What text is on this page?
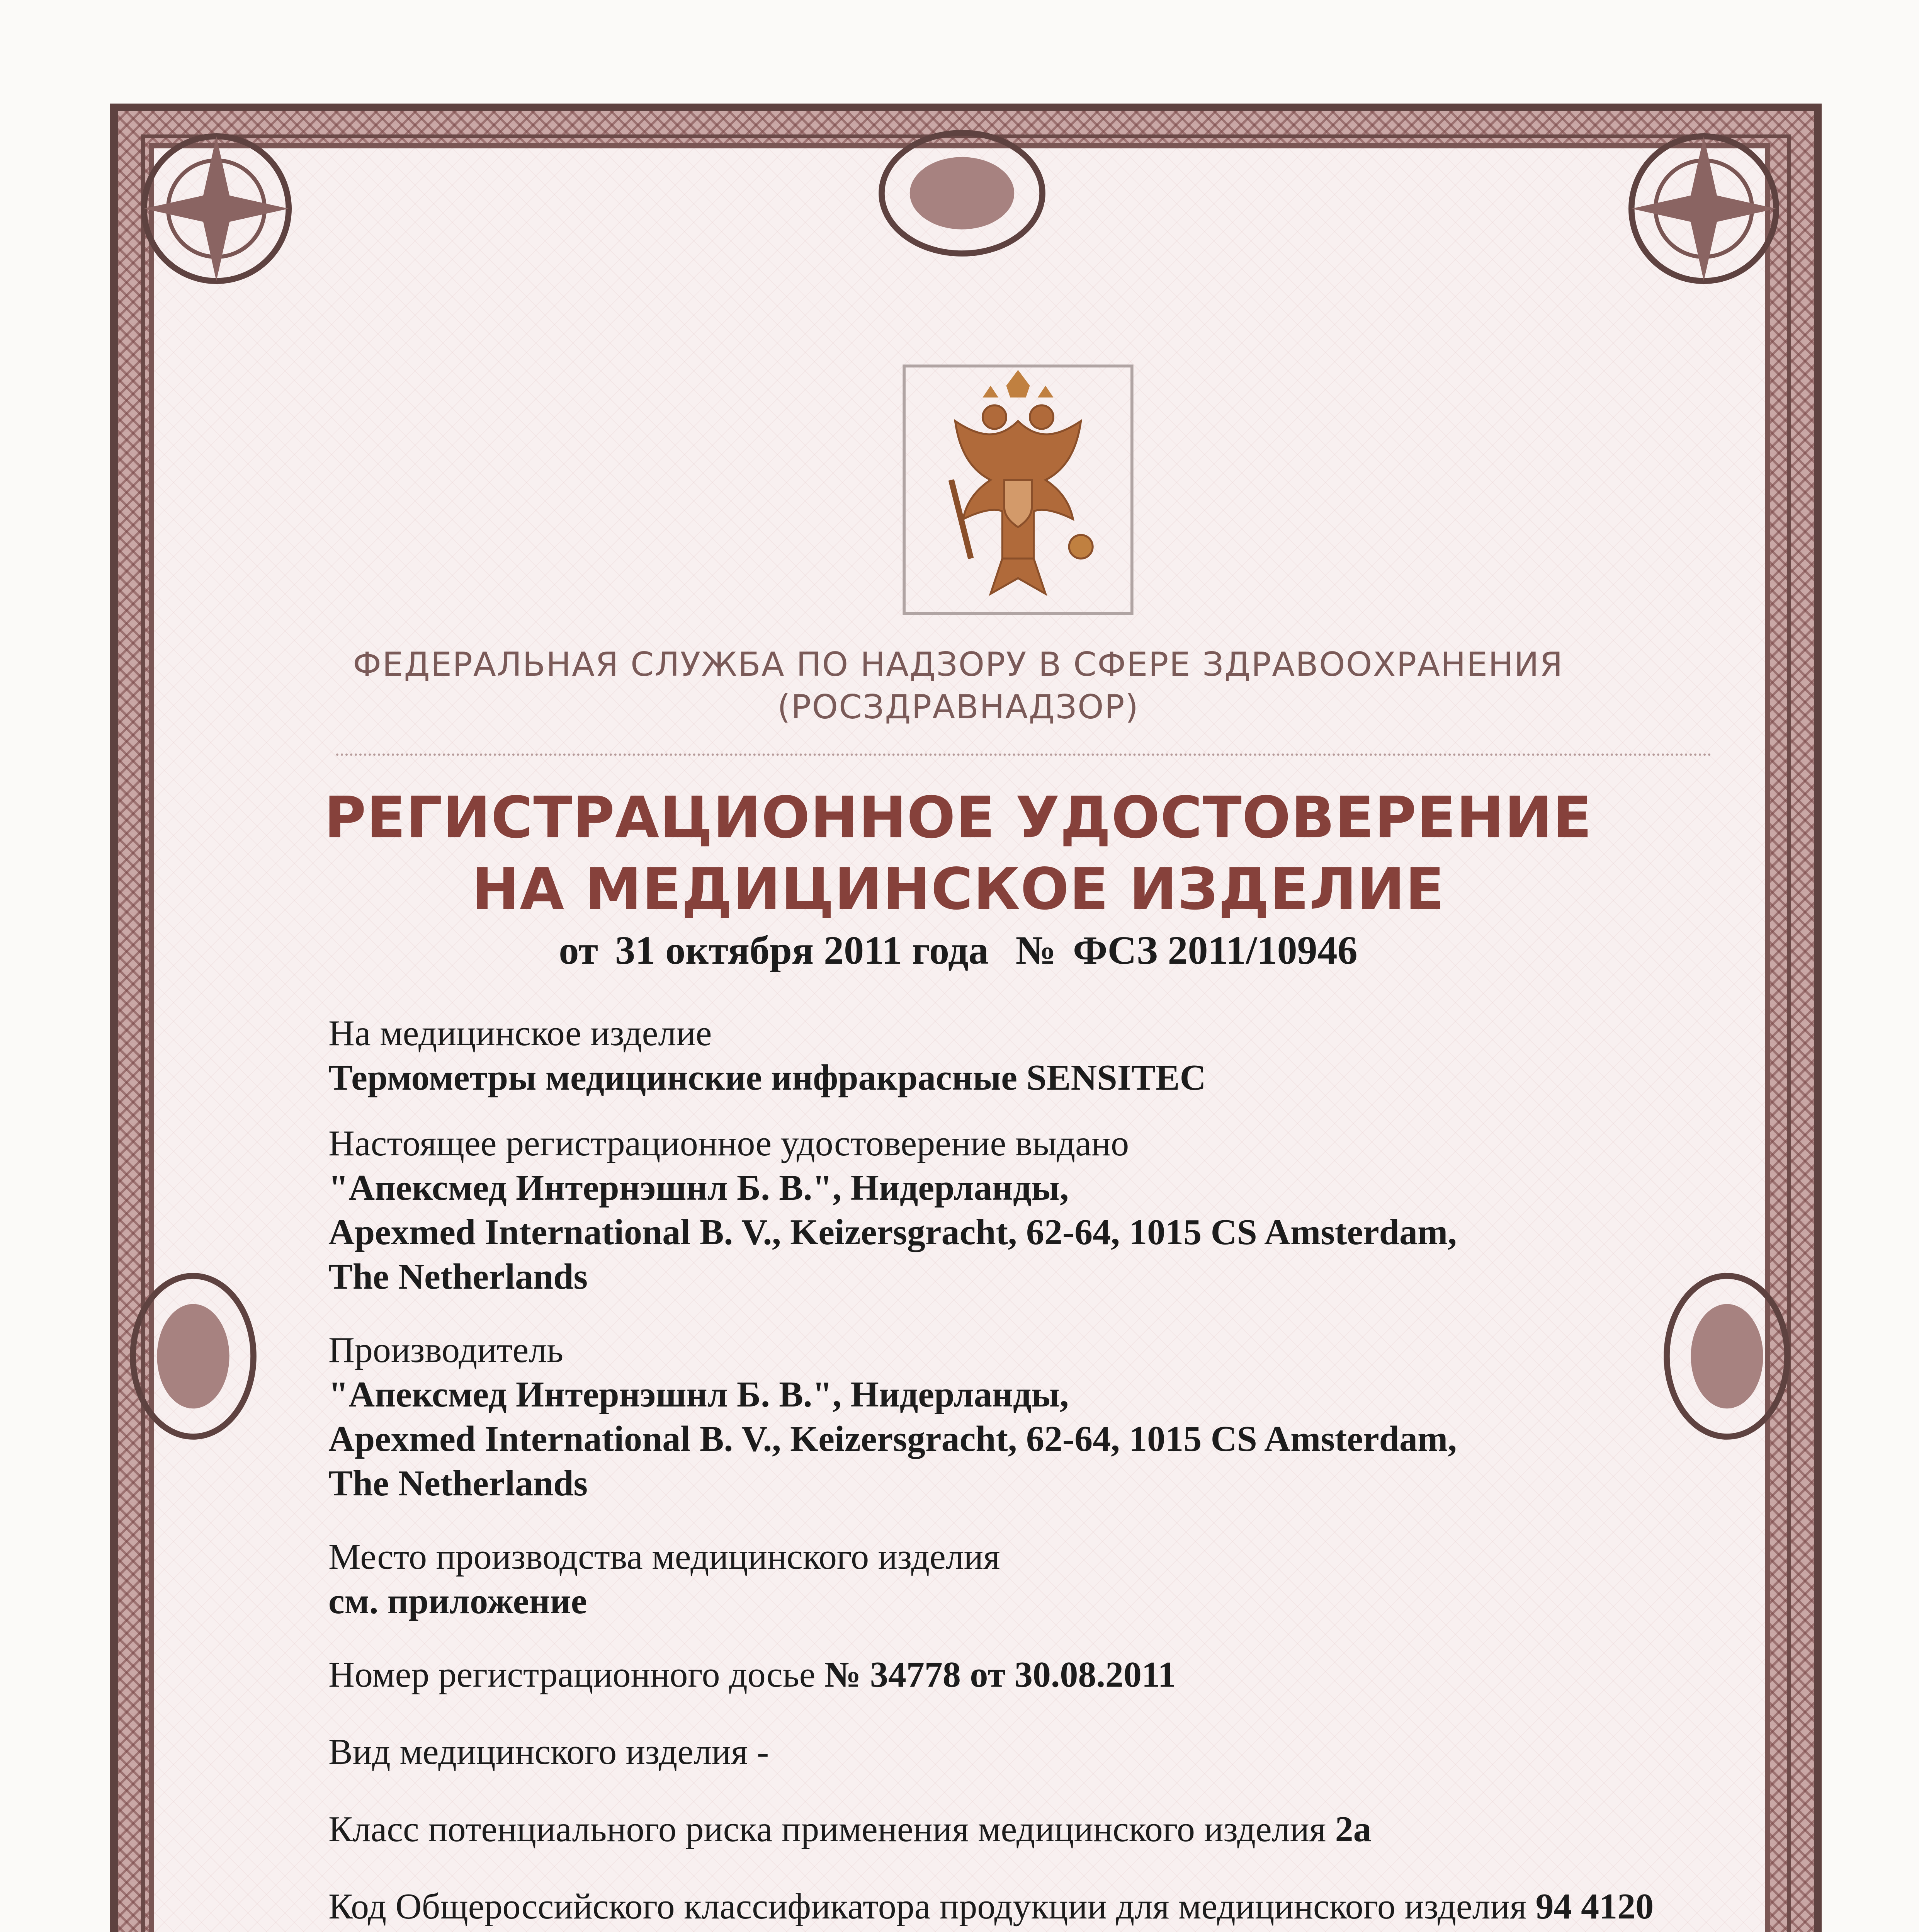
ФЕДЕРАЛЬНАЯ СЛУЖБА ПО НАДЗОРУ В СФЕРЕ ЗДРАВООХРАНЕНИЯ
(РОСЗДРАВНАДЗОР)
РЕГИСТРАЦИОННОЕ УДОСТОВЕРЕНИЕ
НА МЕДИЦИНСКОЕ ИЗДЕЛИЕ
от 31 октября 2011 года № ФСЗ 2011/10946
На медицинское изделие
Термометры медицинские инфракрасные SENSITEC
Настоящее регистрационное удостоверение выдано
"Апексмед Интернэшнл Б. В.", Нидерланды,
Apexmed International B. V., Keizersgracht, 62-64, 1015 CS Amsterdam,
The Netherlands
Производитель
"Апексмед Интернэшнл Б. В.", Нидерланды,
Apexmed International B. V., Keizersgracht, 62-64, 1015 CS Amsterdam,
The Netherlands
Место производства медицинского изделия
см. приложение
Номер регистрационного досье № 34778 от 30.08.2011
Вид медицинского изделия -
Класс потенциального риска применения медицинского изделия 2а
Код Общероссийского классификатора продукции для медицинского изделия 94 4120
